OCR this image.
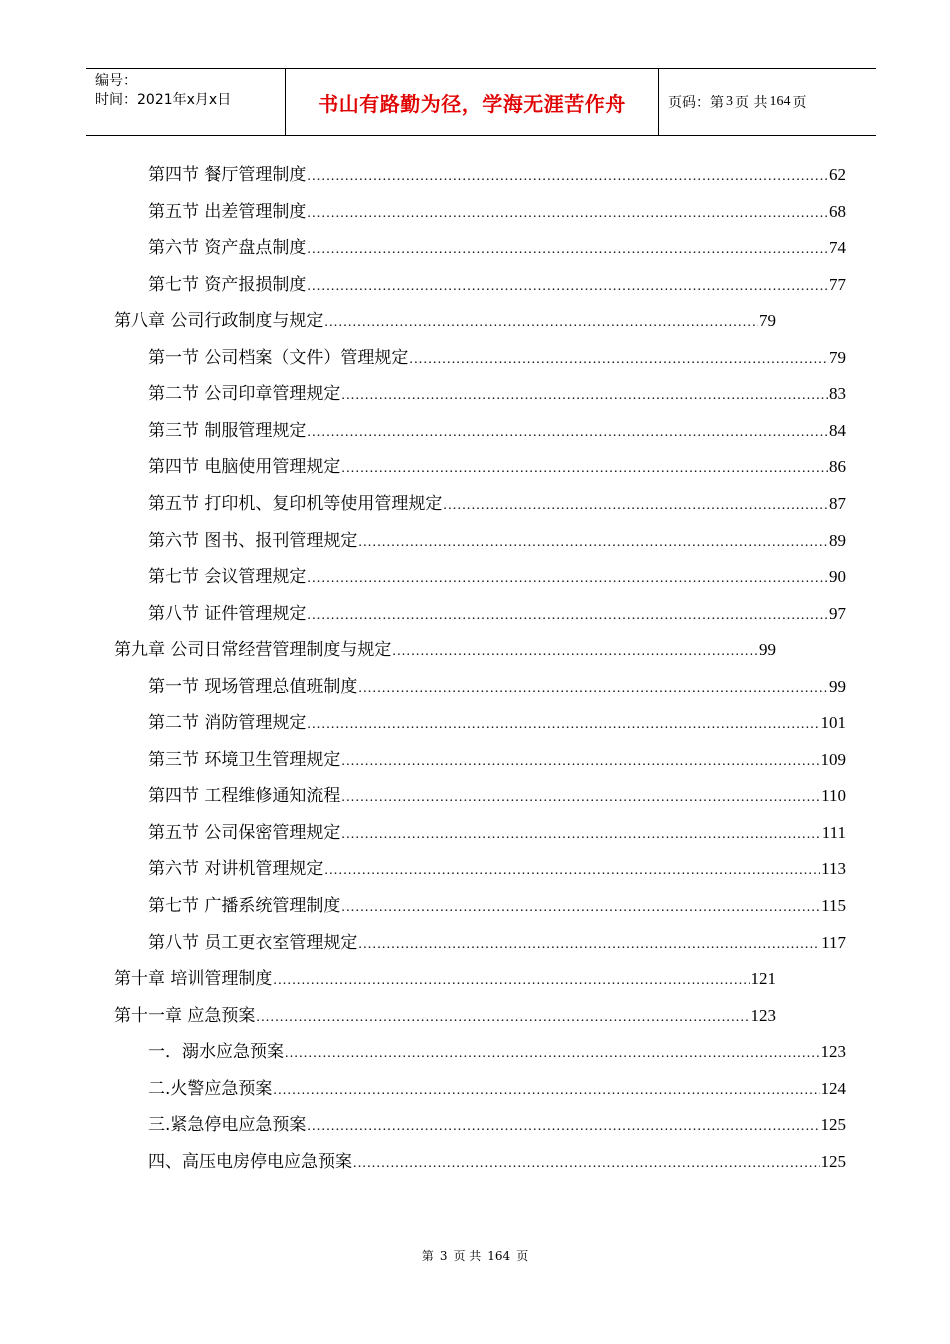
编号：
时间：2021年x月x日	书山有路勤为径，学海无涯苦作舟	页码：第 3 页 共 164 页
第四节 餐厅管理制度 .....	62
第五节 出差管理制度 .....	68
第六节 资产盘点制度 .....	74
第七节 资产报损制度 .....	77
第八章 公司行政制度与规定 .....	79
第一节 公司档案（文件）管理规定 .....	79
第二节 公司印章管理规定 .....	83
第三节 制服管理规定 .....	84
第四节 电脑使用管理规定 .....	86
第五节 打印机、复印机等使用管理规定 .....	87
第六节 图书、报刊管理规定 .....	89
第七节 会议管理规定 .....	90
第八节 证件管理规定 .....	97
第九章 公司日常经营管理制度与规定 .....	99
第一节 现场管理总值班制度 .....	99
第二节 消防管理规定 .....	101
第三节 环境卫生管理规定 .....	109
第四节 工程维修通知流程 .....	110
第五节 公司保密管理规定 .....	111
第六节 对讲机管理规定 .....	113
第七节 广播系统管理制度 .....	115
第八节 员工更衣室管理规定 .....	117
第十章 培训管理制度 .....	121
第十一章 应急预案 .....	123
一．溺水应急预案 .....	123
二.火警应急预案 .....	124
三.紧急停电应急预案 .....	125
四、高压电房停电应急预案 .....	125
第 3 页 共 164 页
